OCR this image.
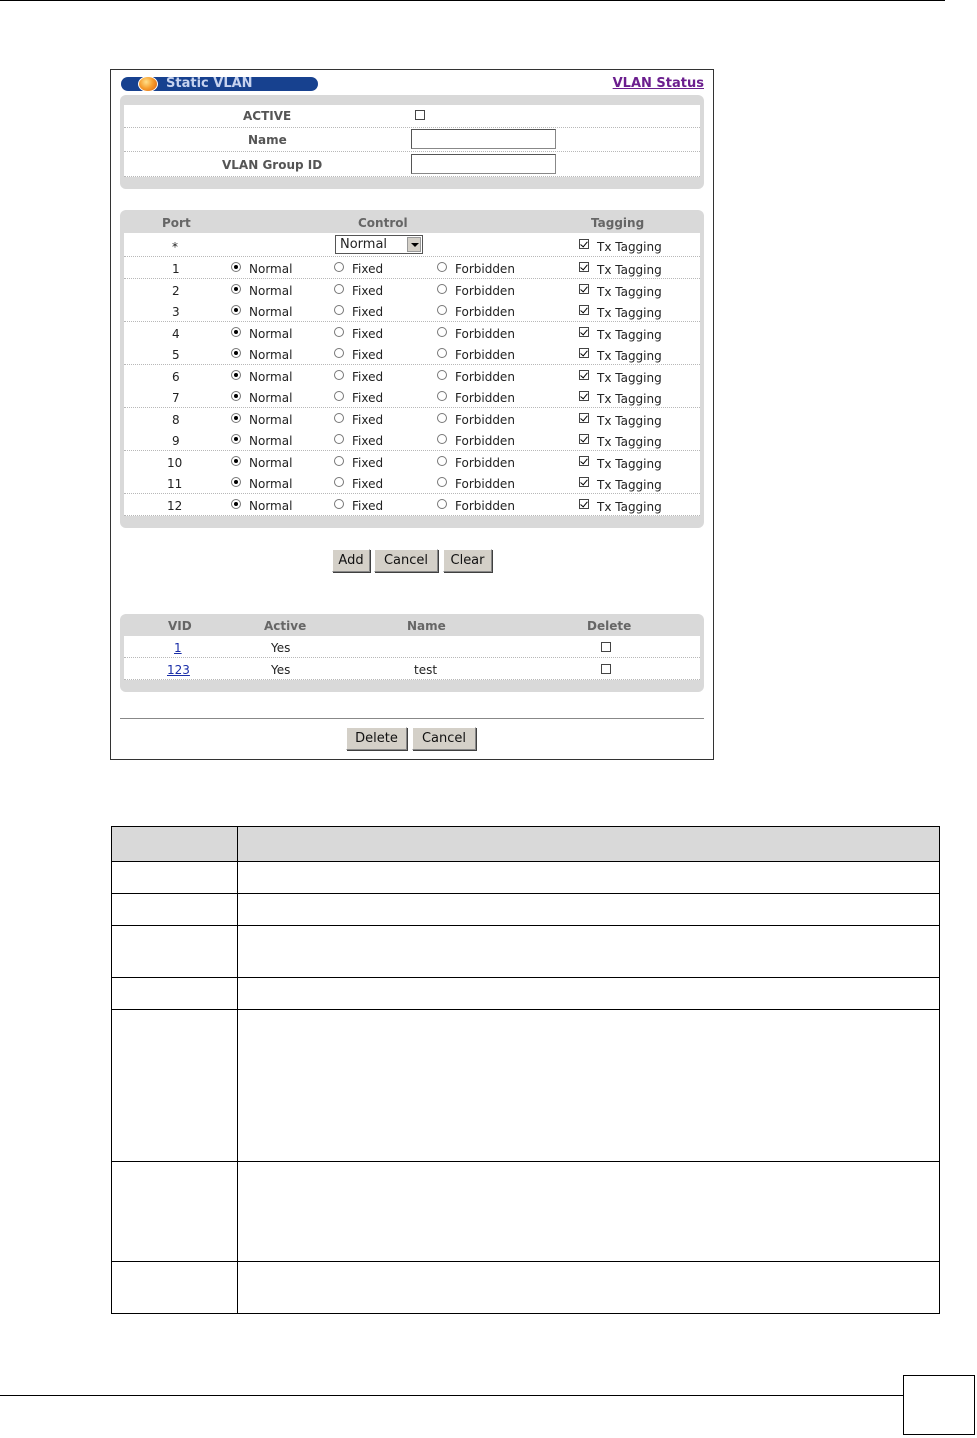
Static VLAN	VLAN Status
ACTIVE
Name
VLAN Group ID
Port	Control	Tagging
*	Normal	Tx Tagging
1	Normal	Fixed	Forbidden	Tx Tagging
2	Normal	Fixed	Forbidden	Tx Tagging
3	Normal	Fixed	Forbidden	Tx Tagging
4	Normal	Fixed	Forbidden	Tx Tagging
5	Normal	Fixed	Forbidden	Tx Tagging
6	Normal	Fixed	Forbidden	Tx Tagging
7	Normal	Fixed	Forbidden	Tx Tagging
8	Normal	Fixed	Forbidden	Tx Tagging
9	Normal	Fixed	Forbidden	Tx Tagging
10	Normal	Fixed	Forbidden	Tx Tagging
11	Normal	Fixed	Forbidden	Tx Tagging
12	Normal	Fixed	Forbidden	Tx Tagging
Add	Cancel	Clear
VID	Active	Name	Delete
1	Yes
123	Yes	test
Delete	Cancel
